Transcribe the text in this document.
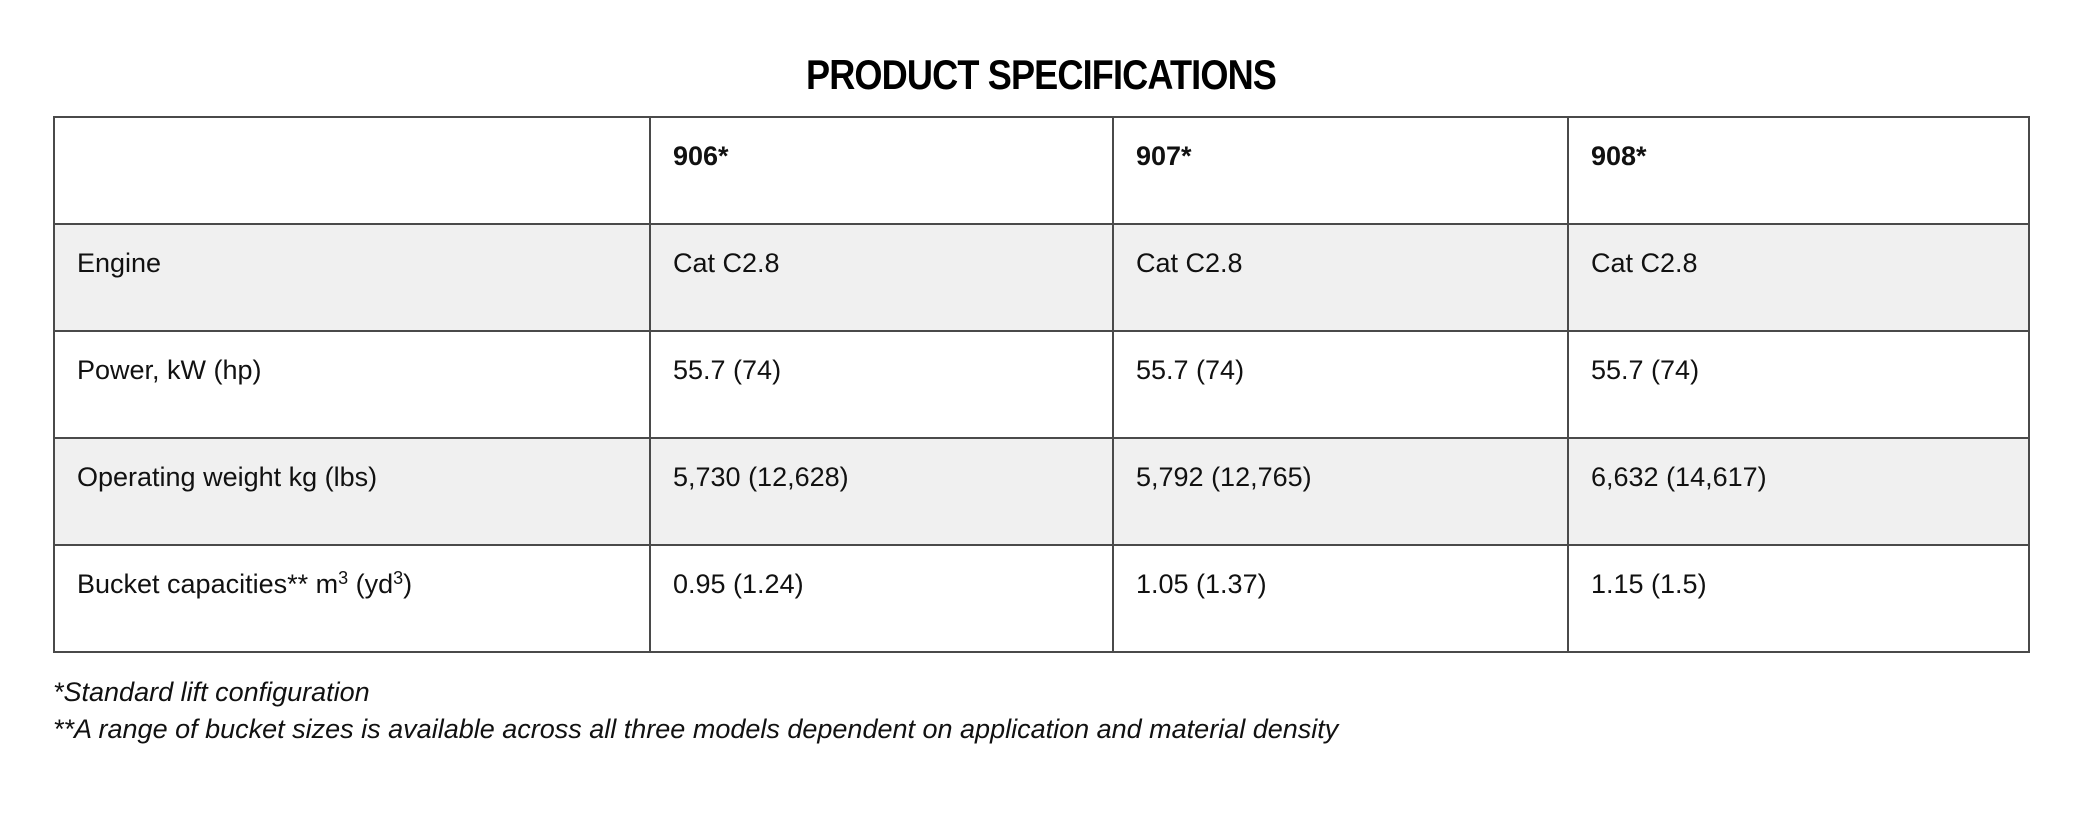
PRODUCT SPECIFICATIONS
	906*	907*	908*
Engine	Cat C2.8	Cat C2.8	Cat C2.8
Power, kW (hp)	55.7 (74)	55.7 (74)	55.7 (74)
Operating weight kg (lbs)	5,730 (12,628)	5,792 (12,765)	6,632 (14,617)
Bucket capacities** $m^3$ $(yd^3)$	0.95 (1.24)	1.05 (1.37)	1.15 (1.5)
*Standard lift configuration
**A range of bucket sizes is available across all three models dependent on application and material density
